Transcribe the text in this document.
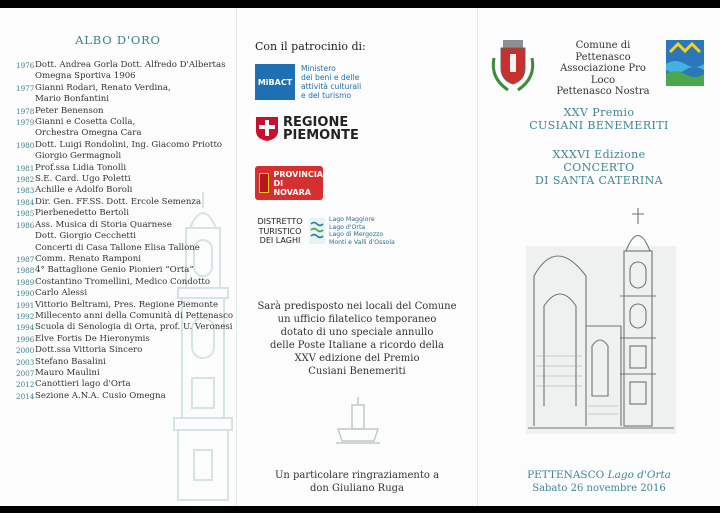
ALBO D'ORO
1976 Dott. Andrea Gorla Dott. Alfredo D'Albertas
Omegna Sportiva 1906
1977 Gianni Rodari, Renato Verdina,
Mario Bonfantini
1978 Peter Benenson
1979 Gianni e Cosetta Colla,
Orchestra Omegna Cara
1980 Dott. Luigi Rondolini, Ing. Giacomo Priotto
Giorgio Germagnoli
1981 Prof.ssa Lidia Tonolli
1982 S.E. Card. Ugo Poletti
1983 Achille e Adolfo Boroli
1984 Dir. Gen. FF.SS. Dott. Ercole Semenza
1985 Pierbenedetto Bertoli
1986 Ass. Musica di Storia Quarnese
Dott. Giorgio Cecchetti
Concerti di Casa Tallone Elisa Tallone
1987 Comm. Renato Ramponi
1988 4° Battaglione Genio Pionieri “Orta”
1989 Costantino Tromellini, Medico Condotto
1990 Carlo Alessi
1991 Vittorio Beltrami, Pres. Regione Piemonte
1992 Millecento anni della Comunità di Pettenasco
1994 Scuola di Senologia di Orta, prof. U. Veronesi
1996 Elve Fortis De Hieronymis
2000 Dott.ssa Vittoria Sincero
2003 Stefano Basalini
2007 Mauro Maulini
2012 Canottieri lago d'Orta
2014 Sezione A.N.A. Cusio Omegna
Con il patrocinio di:
MiBACT
Ministero
dei beni e delle
attività culturali
e del turismo
REGIONE
PIEMONTE
PROVINCIA
DI NOVARA
DISTRETTO
TURISTICO
DEI LAGHI
Lago Maggiore
Lago d'Orta
Lago di Mergozzo
Monti e Valli d'Ossola
Sarà predisposto nei locali del Comune
un ufficio filatelico temporaneo
dotato di uno speciale annullo
delle Poste Italiane a ricordo della
XXV edizione del Premio
Cusiani Benemeriti
Un particolare ringraziamento a
don Giuliano Ruga
Comune di Pettenasco
Associazione Pro Loco
Pettenasco Nostra
XXV Premio
CUSIANI BENEMERITI
XXXVI Edizione
CONCERTO
DI SANTA CATERINA
PETTENASCO Lago d'Orta
Sabato 26 novembre 2016
